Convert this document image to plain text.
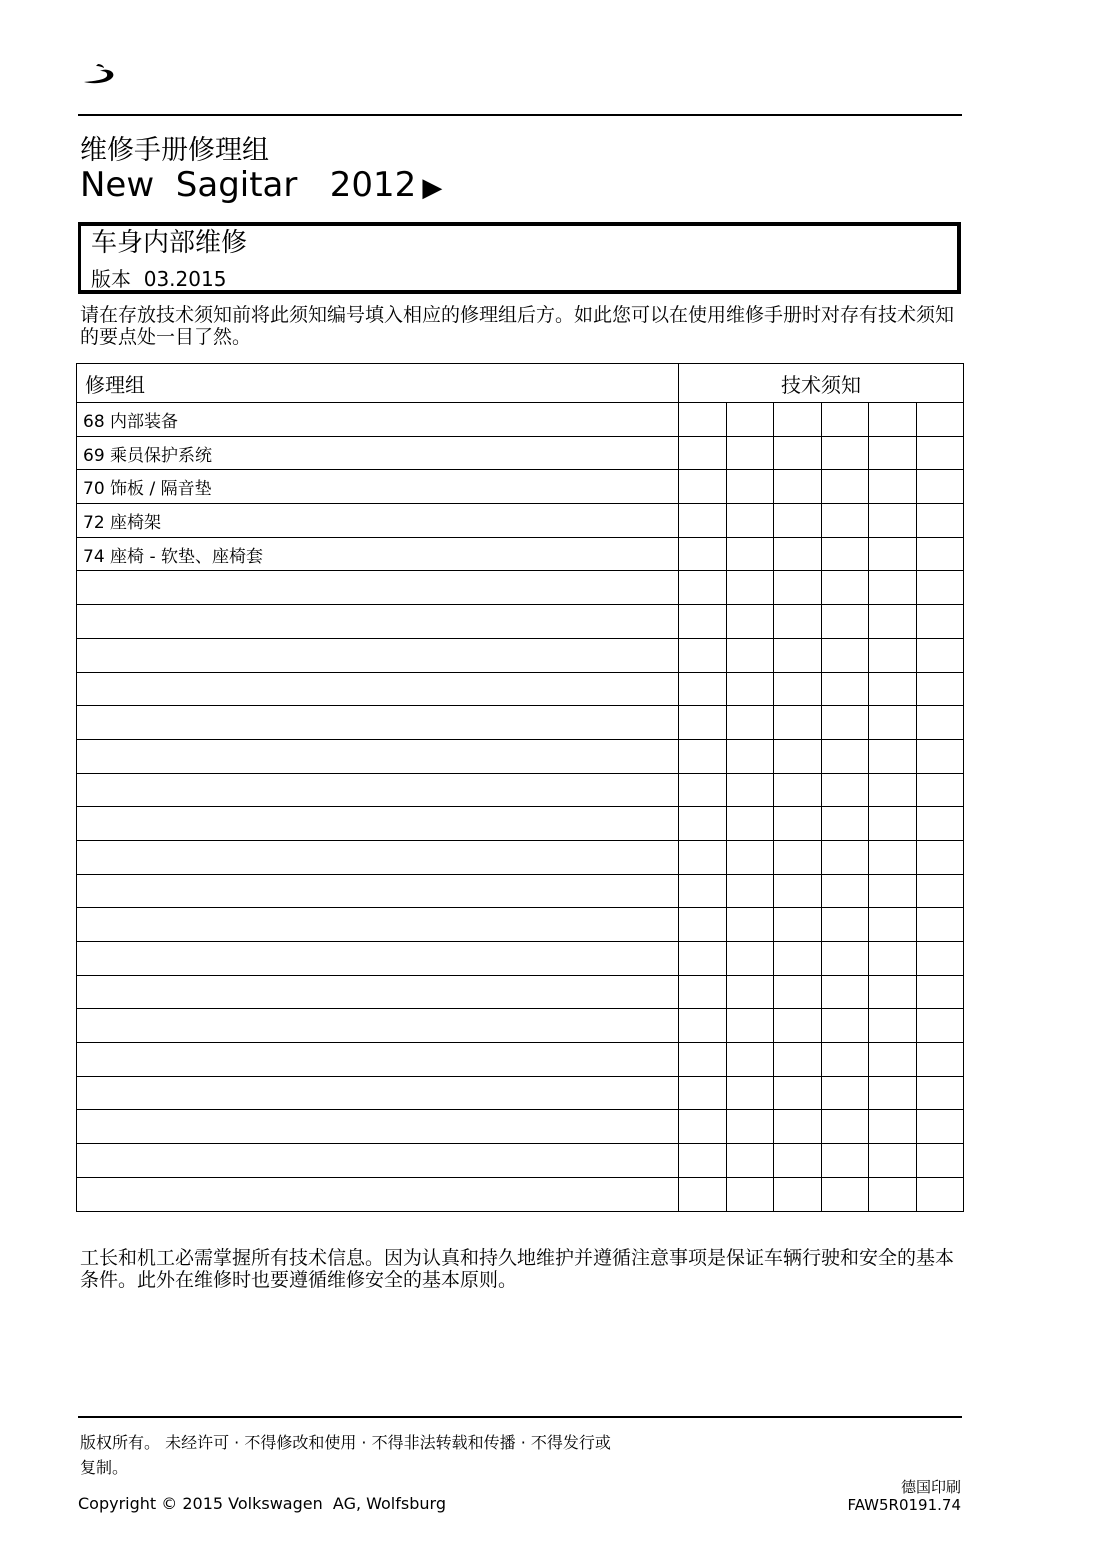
维修手册修理组
New  Sagitar   2012 ▶
车身内部维修
版本  03.2015
请在存放技术须知前将此须知编号填入相应的修理组后方。如此您可以在使用维修手册时对存有技术须知的要点处一目了然。
修理组	技术须知					
68 内部装备						
69 乘员保护系统						
70 饰板 / 隔音垫						
72 座椅架						
74 座椅 - 软垫、座椅套						

工长和机工必需掌握所有技术信息。因为认真和持久地维护并遵循注意事项是保证车辆行驶和安全的基本条件。此外在维修时也要遵循维修安全的基本原则。
版权所有。 未经许可 · 不得修改和使用 · 不得非法转载和传播 · 不得发行或复制。
Copyright © 2015 Volkswagen  AG, Wolfsburg
德国印刷
FAW5R0191.74
